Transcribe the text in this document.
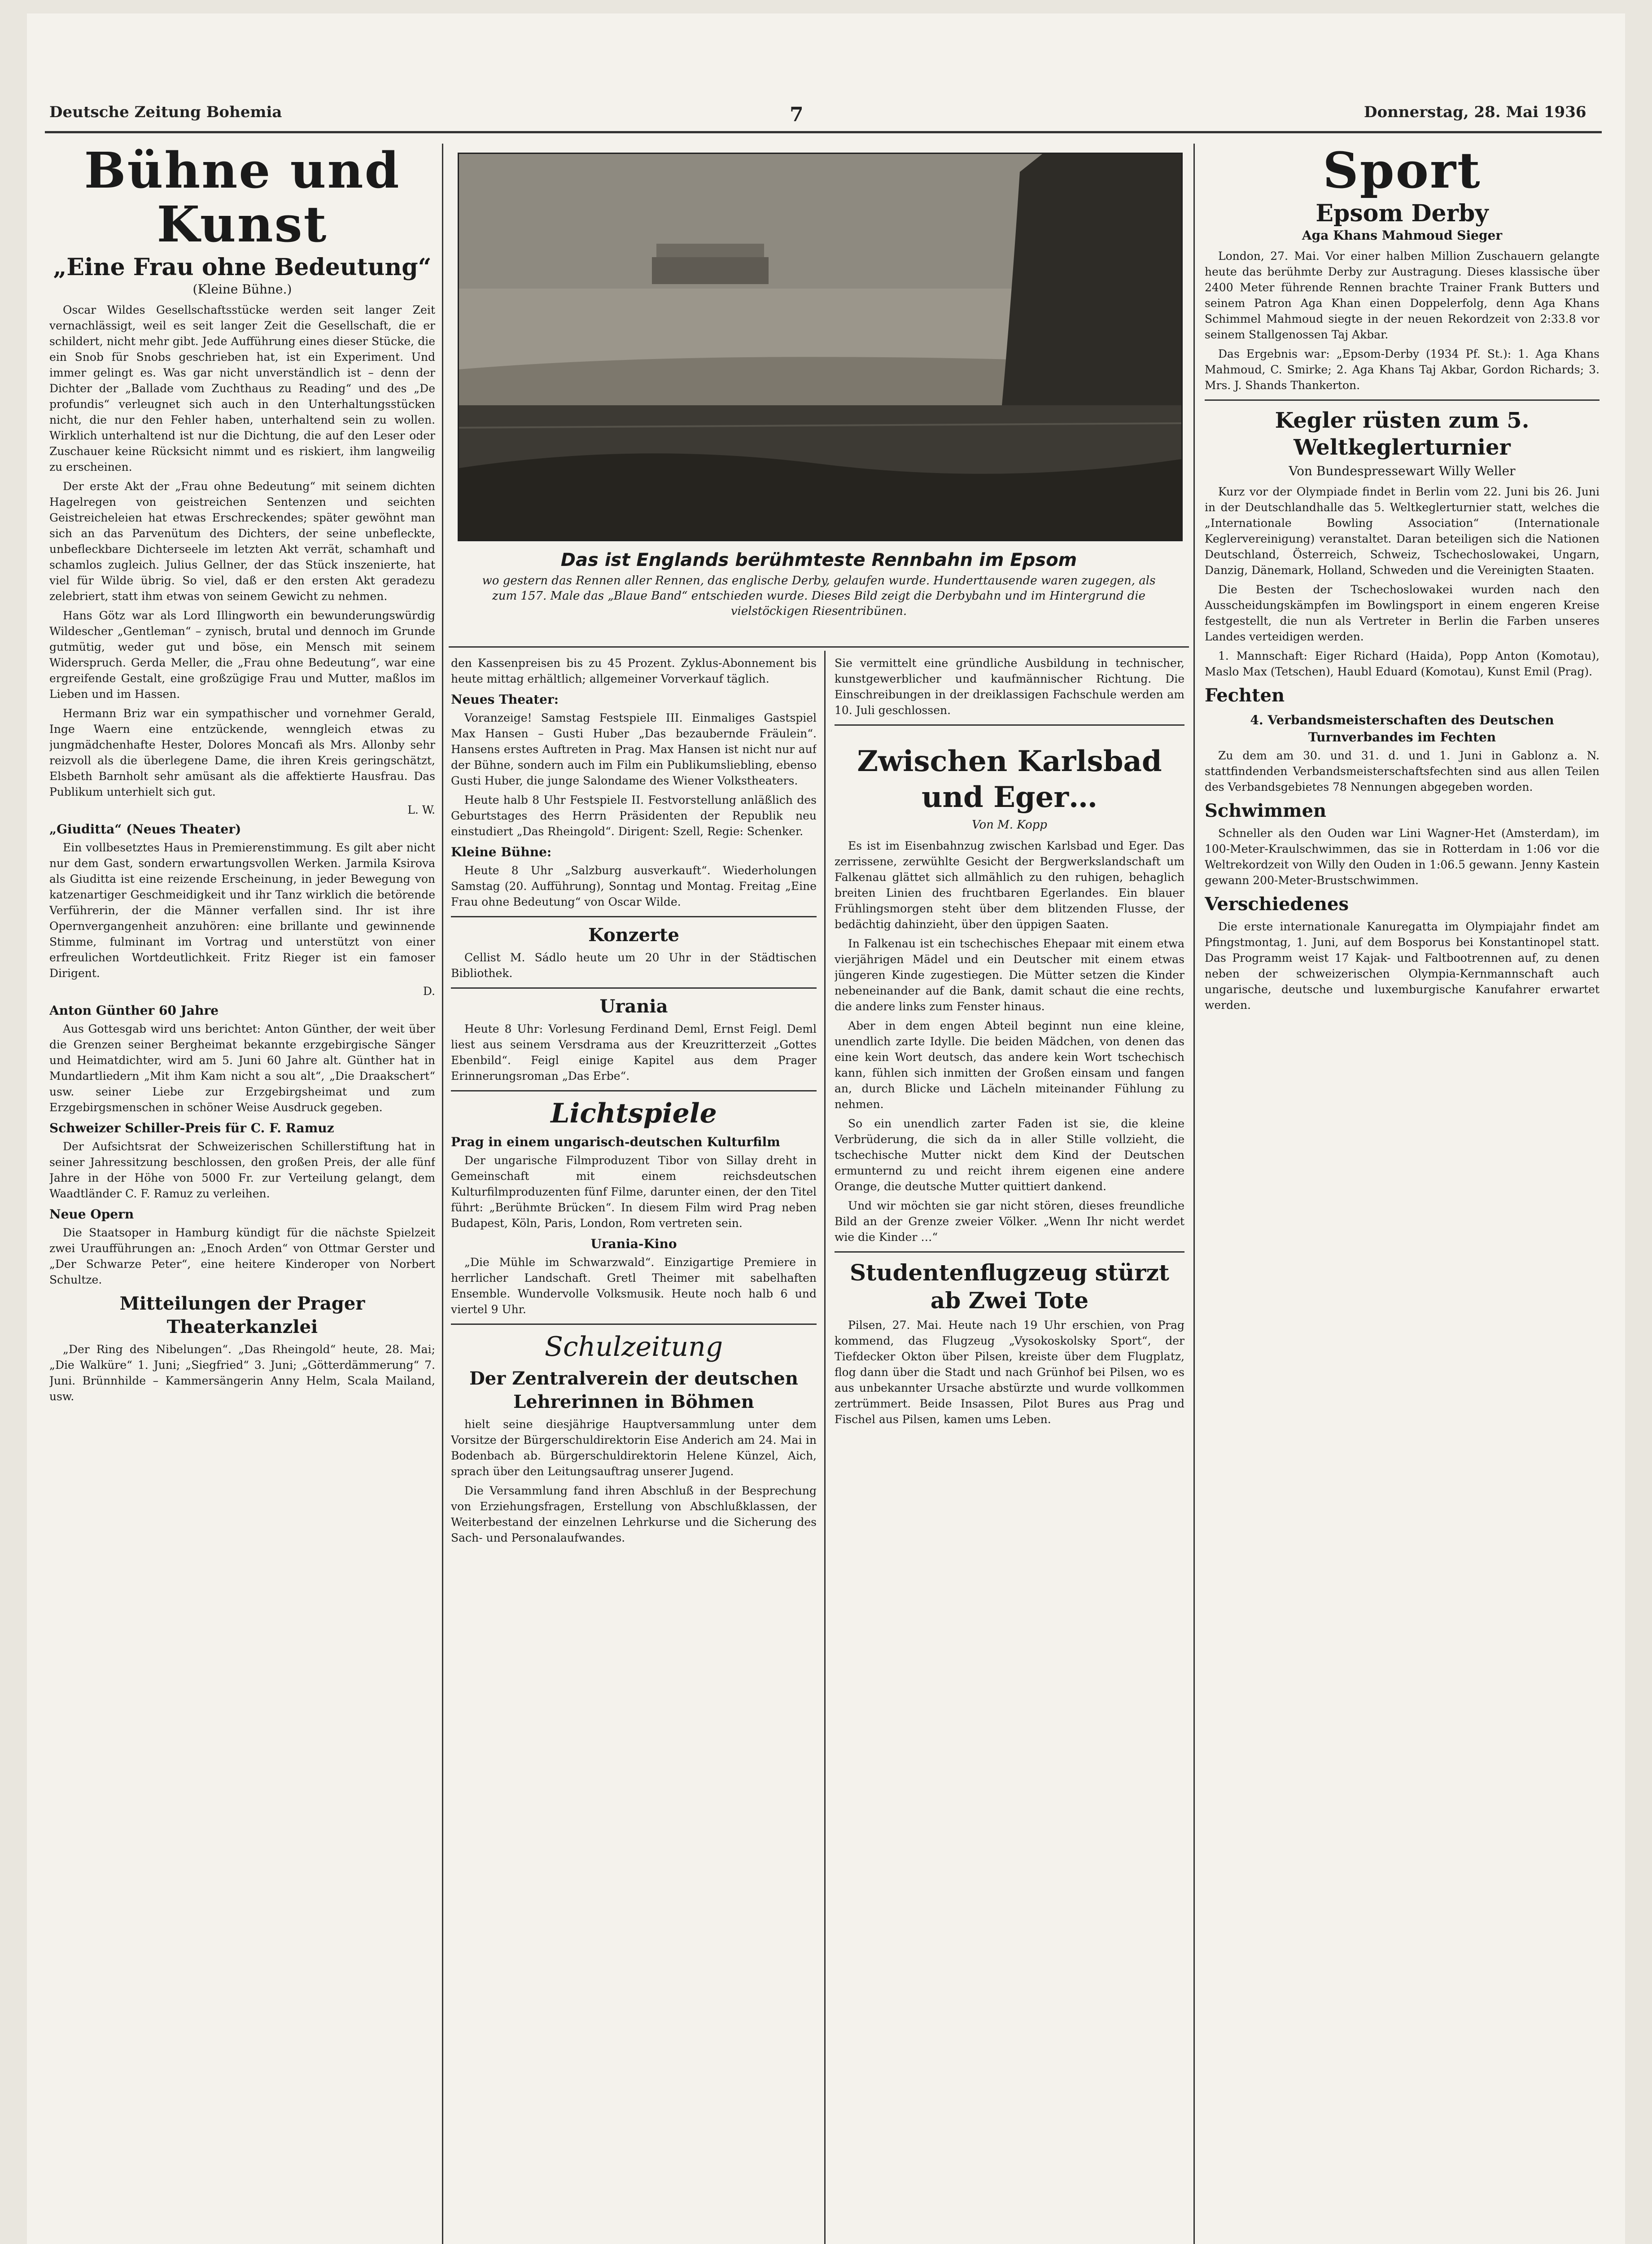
Deutsche Zeitung Bohemia	7	Donnerstag, 28. Mai 1936
Bühne und Kunst
„Eine Frau ohne Bedeutung“
(Kleine Bühne.)

Oscar Wildes Gesellschaftsstücke werden seit langer Zeit vernachlässigt, weil es seit langer Zeit die Gesellschaft, die er schildert, nicht mehr gibt. Jede Aufführung eines dieser Stücke, die ein Snob für Snobs geschrieben hat, ist ein Experiment. Und immer gelingt es. Was gar nicht unverständlich ist – denn der Dichter der „Ballade vom Zuchthaus zu Reading“ und des „De profundis“ verleugnet sich auch in den Unterhaltungsstücken nicht, die nur den Fehler haben, unterhaltend sein zu wollen. Wirklich unterhaltend ist nur die Dichtung, die auf den Leser oder Zuschauer keine Rücksicht nimmt und es riskiert, ihm langweilig zu erscheinen.

Der erste Akt der „Frau ohne Bedeutung“ mit seinem dichten Hagelregen von geistreichen Sentenzen und seichten Geistreicheleien hat etwas Erschreckendes; später gewöhnt man sich an das Parvenütum des Dichters, der seine unbefleckte, unbefleckbare Dichterseele im letzten Akt verrät, schamhaft und schamlos zugleich. Julius Gellner, der das Stück inszenierte, hat viel für Wilde übrig. So viel, daß er den ersten Akt geradezu zelebriert, statt ihm etwas von seinem Gewicht zu nehmen.

Hans Götz war als Lord Illingworth ein bewunderungswürdig Wildescher „Gentleman“ – zynisch, brutal und dennoch im Grunde gutmütig, weder gut und böse, ein Mensch mit seinem Widerspruch. Gerda Meller, die „Frau ohne Bedeutung“, war eine ergreifende Gestalt, eine großzügige Frau und Mutter, maßlos im Lieben und im Hassen.

Hermann Briz war ein sympathischer und vornehmer Gerald, Inge Waern eine entzückende, wenngleich etwas zu jungmädchenhafte Hester, Dolores Moncafi als Mrs. Allonby sehr reizvoll als die überlegene Dame, die ihren Kreis geringschätzt, Elsbeth Barnholt sehr amüsant als die affektierte Hausfrau. Das Publikum unterhielt sich gut.

L. W.
„Giuditta“ (Neues Theater)

Ein vollbesetztes Haus in Premierenstimmung. Es gilt aber nicht nur dem Gast, sondern erwartungsvollen Werken. Jarmila Ksirova als Giuditta ist eine reizende Erscheinung, in jeder Bewegung von katzenartiger Geschmeidigkeit und ihr Tanz wirklich die betörende Verführerin, der die Männer verfallen sind. Ihr ist ihre Opernvergangenheit anzuhören: eine brillante und gewinnende Stimme, fulminant im Vortrag und unterstützt von einer erfreulichen Wortdeutlichkeit. Fritz Rieger ist ein famoser Dirigent.

D.
Anton Günther 60 Jahre

Aus Gottesgab wird uns berichtet: Anton Günther, der weit über die Grenzen seiner Bergheimat bekannte erzgebirgische Sänger und Heimatdichter, wird am 5. Juni 60 Jahre alt. Günther hat in Mundartliedern „Mit ihm Kam nicht a sou alt“, „Die Draakschert“ usw. seiner Liebe zur Erzgebirgsheimat und zum Erzgebirgsmenschen in schöner Weise Ausdruck gegeben.

Schweizer Schiller-Preis für C. F. Ramuz

Der Aufsichtsrat der Schweizerischen Schillerstiftung hat in seiner Jahressitzung beschlossen, den großen Preis, der alle fünf Jahre in der Höhe von 5000 Fr. zur Verteilung gelangt, dem Waadtländer C. F. Ramuz zu verleihen.

Neue Opern

Die Staatsoper in Hamburg kündigt für die nächste Spielzeit zwei Uraufführungen an: „Enoch Arden“ von Ottmar Gerster und „Der Schwarze Peter“, eine heitere Kinderoper von Norbert Schultze.

Mitteilungen der Prager Theaterkanzlei

„Der Ring des Nibelungen“. „Das Rheingold“ heute, 28. Mai; „Die Walküre“ 1. Juni; „Siegfried“ 3. Juni; „Götterdämmerung“ 7. Juni. Brünnhilde – Kammersängerin Anny Helm, Scala Mailand, usw.

Das ist Englands berühmteste Rennbahn im Epsom
wo gestern das Rennen aller Rennen, das englische Derby, gelaufen wurde. Hunderttausende waren zugegen, als zum 157. Male das „Blaue Band“ entschieden wurde. Dieses Bild zeigt die Derbybahn und im Hintergrund die vielstöckigen Riesentribünen.

den Kassenpreisen bis zu 45 Prozent. Zyklus-Abonnement bis heute mittag erhältlich; allgemeiner Vorverkauf täglich.

Neues Theater:

Voranzeige! Samstag Festspiele III. Einmaliges Gastspiel Max Hansen – Gusti Huber „Das bezaubernde Fräulein“. Hansens erstes Auftreten in Prag. Max Hansen ist nicht nur auf der Bühne, sondern auch im Film ein Publikumsliebling, ebenso Gusti Huber, die junge Salondame des Wiener Volkstheaters.

Heute halb 8 Uhr Festspiele II. Festvorstellung anläßlich des Geburtstages des Herrn Präsidenten der Republik neu einstudiert „Das Rheingold“. Dirigent: Szell, Regie: Schenker.

Kleine Bühne:

Heute 8 Uhr „Salzburg ausverkauft“. Wiederholungen Samstag (20. Aufführung), Sonntag und Montag. Freitag „Eine Frau ohne Bedeutung“ von Oscar Wilde.

Konzerte

Cellist M. Sádlo heute um 20 Uhr in der Städtischen Bibliothek.

Urania

Heute 8 Uhr: Vorlesung Ferdinand Deml, Ernst Feigl. Deml liest aus seinem Versdrama aus der Kreuzritterzeit „Gottes Ebenbild“. Feigl einige Kapitel aus dem Prager Erinnerungsroman „Das Erbe“.

Lichtspiele
Prag in einem ungarisch-deutschen Kulturfilm

Der ungarische Filmproduzent Tibor von Sillay dreht in Gemeinschaft mit einem reichsdeutschen Kulturfilmproduzenten fünf Filme, darunter einen, der den Titel führt: „Berühmte Brücken“. In diesem Film wird Prag neben Budapest, Köln, Paris, London, Rom vertreten sein.

Urania-Kino

„Die Mühle im Schwarzwald“. Einzigartige Premiere in herrlicher Landschaft. Gretl Theimer mit sabelhaften Ensemble. Wundervolle Volksmusik. Heute noch halb 6 und viertel 9 Uhr.

Schulzeitung
Der Zentralverein der deutschen Lehrerinnen in Böhmen

hielt seine diesjährige Hauptversammlung unter dem Vorsitze der Bürgerschuldirektorin Eise Anderich am 24. Mai in Bodenbach ab. Bürgerschuldirektorin Helene Künzel, Aich, sprach über den Leitungsauftrag unserer Jugend.

Die Versammlung fand ihren Abschluß in der Besprechung von Erziehungsfragen, Erstellung von Abschlußklassen, der Weiterbestand der einzelnen Lehrkurse und die Sicherung des Sach- und Personalaufwandes.

Sie vermittelt eine gründliche Ausbildung in technischer, kunstgewerblicher und kaufmännischer Richtung. Die Einschreibungen in der dreiklassigen Fachschule werden am 10. Juli geschlossen.

Zwischen Karlsbad und Eger…
Von M. Kopp

Es ist im Eisenbahnzug zwischen Karlsbad und Eger. Das zerrissene, zerwühlte Gesicht der Bergwerkslandschaft um Falkenau glättet sich allmählich zu den ruhigen, behaglich breiten Linien des fruchtbaren Egerlandes. Ein blauer Frühlingsmorgen steht über dem blitzenden Flusse, der bedächtig dahinzieht, über den üppigen Saaten.

In Falkenau ist ein tschechisches Ehepaar mit einem etwa vierjährigen Mädel und ein Deutscher mit einem etwas jüngeren Kinde zugestiegen. Die Mütter setzen die Kinder nebeneinander auf die Bank, damit schaut die eine rechts, die andere links zum Fenster hinaus.

Aber in dem engen Abteil beginnt nun eine kleine, unendlich zarte Idylle. Die beiden Mädchen, von denen das eine kein Wort deutsch, das andere kein Wort tschechisch kann, fühlen sich inmitten der Großen einsam und fangen an, durch Blicke und Lächeln miteinander Fühlung zu nehmen.

So ein unendlich zarter Faden ist sie, die kleine Verbrüderung, die sich da in aller Stille vollzieht, die tschechische Mutter nickt dem Kind der Deutschen ermunternd zu und reicht ihrem eigenen eine andere Orange, die deutsche Mutter quittiert dankend.

Und wir möchten sie gar nicht stören, dieses freundliche Bild an der Grenze zweier Völker. „Wenn Ihr nicht werdet wie die Kinder …“

Studentenflugzeug stürzt ab Zwei Tote

Pilsen, 27. Mai. Heute nach 19 Uhr erschien, von Prag kommend, das Flugzeug „Vysokoskolsky Sport“, der Tiefdecker Okton über Pilsen, kreiste über dem Flugplatz, flog dann über die Stadt und nach Grünhof bei Pilsen, wo es aus unbekannter Ursache abstürzte und wurde vollkommen zertrümmert. Beide Insassen, Pilot Bures aus Prag und Fischel aus Pilsen, kamen ums Leben.

Sport
Epsom Derby
Aga Khans Mahmoud Sieger

London, 27. Mai. Vor einer halben Million Zuschauern gelangte heute das berühmte Derby zur Austragung. Dieses klassische über 2400 Meter führende Rennen brachte Trainer Frank Butters und seinem Patron Aga Khan einen Doppelerfolg, denn Aga Khans Schimmel Mahmoud siegte in der neuen Rekordzeit von 2:33.8 vor seinem Stallgenossen Taj Akbar.

Das Ergebnis war: „Epsom-Derby (1934 Pf. St.): 1. Aga Khans Mahmoud, C. Smirke; 2. Aga Khans Taj Akbar, Gordon Richards; 3. Mrs. J. Shands Thankerton.

Kegler rüsten zum 5. Weltkeglerturnier
Von Bundespressewart Willy Weller

Kurz vor der Olympiade findet in Berlin vom 22. Juni bis 26. Juni in der Deutschlandhalle das 5. Weltkeglerturnier statt, welches die „Internationale Bowling Association“ (Internationale Keglervereinigung) veranstaltet. Daran beteiligen sich die Nationen Deutschland, Österreich, Schweiz, Tschechoslowakei, Ungarn, Danzig, Dänemark, Holland, Schweden und die Vereinigten Staaten.

Die Besten der Tschechoslowakei wurden nach den Ausscheidungskämpfen im Bowlingsport in einem engeren Kreise festgestellt, die nun als Vertreter in Berlin die Farben unseres Landes verteidigen werden.

1. Mannschaft: Eiger Richard (Haida), Popp Anton (Komotau), Maslo Max (Tetschen), Haubl Eduard (Komotau), Kunst Emil (Prag).

Fechten
4. Verbandsmeisterschaften des Deutschen Turnverbandes im Fechten

Zu dem am 30. und 31. d. und 1. Juni in Gablonz a. N. stattfindenden Verbandsmeisterschaftsfechten sind aus allen Teilen des Verbandsgebietes 78 Nennungen abgegeben worden.

Schwimmen

Schneller als den Ouden war Lini Wagner-Het (Amsterdam), im 100-Meter-Kraulschwimmen, das sie in Rotterdam in 1:06 vor die Weltrekordzeit von Willy den Ouden in 1:06.5 gewann. Jenny Kastein gewann 200-Meter-Brustschwimmen.

Verschiedenes

Die erste internationale Kanuregatta im Olympiajahr findet am Pfingstmontag, 1. Juni, auf dem Bosporus bei Konstantinopel statt. Das Programm weist 17 Kajak- und Faltbootrennen auf, zu denen neben der schweizerischen Olympia-Kernmannschaft auch ungarische, deutsche und luxemburgische Kanufahrer erwartet werden.
